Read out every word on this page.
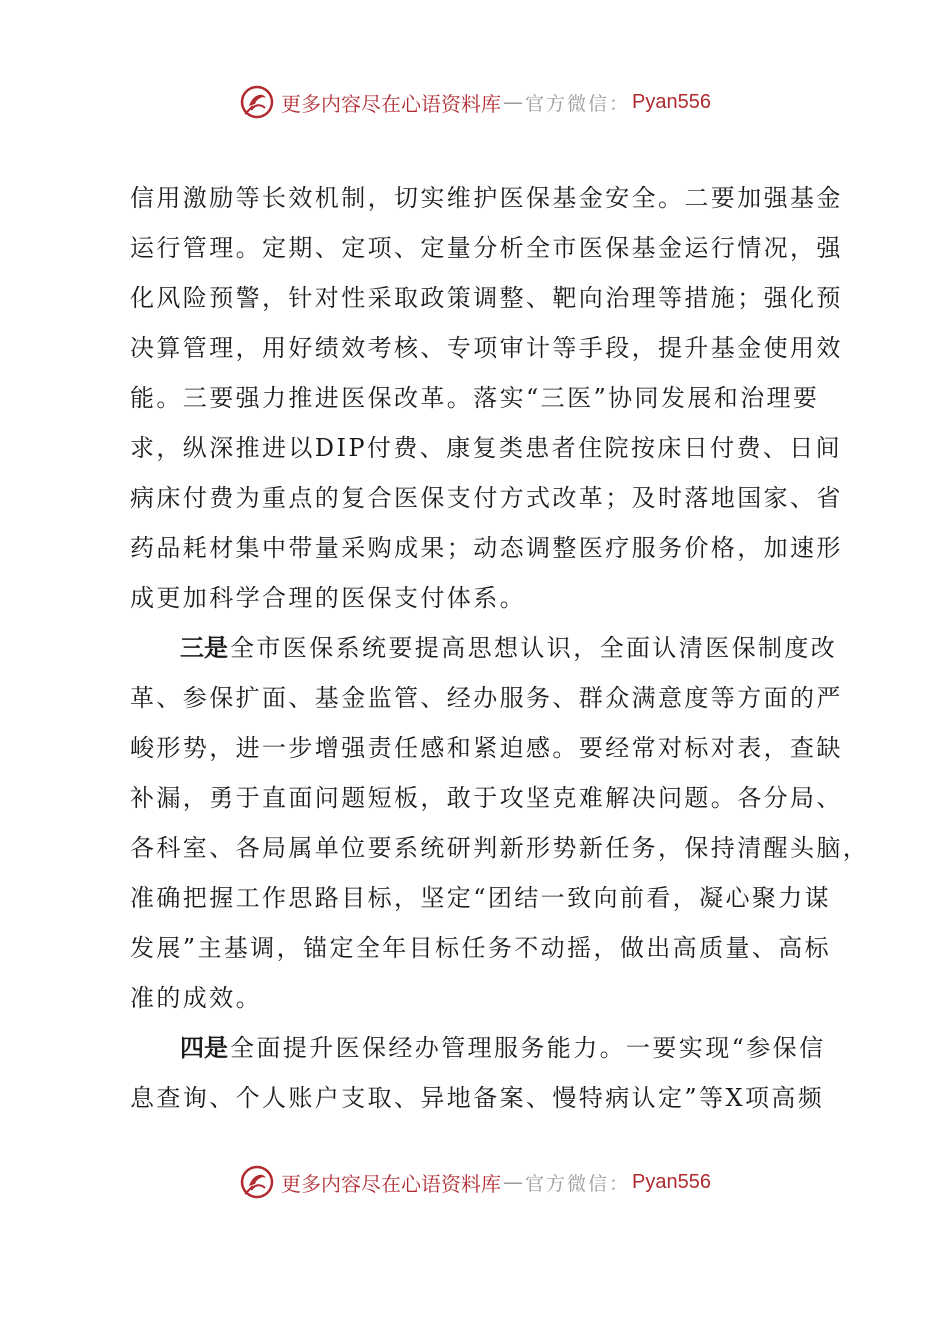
更多内容尽在心语资料库 — 官方微信： Pyan556
信用激励等长效机制，切实维护医保基金安全。二要加强基金
运行管理。定期、定项、定量分析全市医保基金运行情况，强
化风险预警，针对性采取政策调整、靶向治理等措施；强化预
决算管理，用好绩效考核、专项审计等手段，提升基金使用效
能。三要强力推进医保改革。落实“三医”协同发展和治理要
求，纵深推进以DIP付费、康复类患者住院按床日付费、日间
病床付费为重点的复合医保支付方式改革；及时落地国家、省
药品耗材集中带量采购成果；动态调整医疗服务价格，加速形
成更加科学合理的医保支付体系。
三是全市医保系统要提高思想认识，全面认清医保制度改
革、参保扩面、基金监管、经办服务、群众满意度等方面的严
峻形势，进一步增强责任感和紧迫感。要经常对标对表，查缺
补漏，勇于直面问题短板，敢于攻坚克难解决问题。各分局、
各科室、各局属单位要系统研判新形势新任务，保持清醒头脑，
准确把握工作思路目标，坚定“团结一致向前看，凝心聚力谋
发展”主基调，锚定全年目标任务不动摇，做出高质量、高标
准的成效。
四是全面提升医保经办管理服务能力。一要实现“参保信
息查询、个人账户支取、异地备案、慢特病认定”等X项高频
更多内容尽在心语资料库 — 官方微信： Pyan556
